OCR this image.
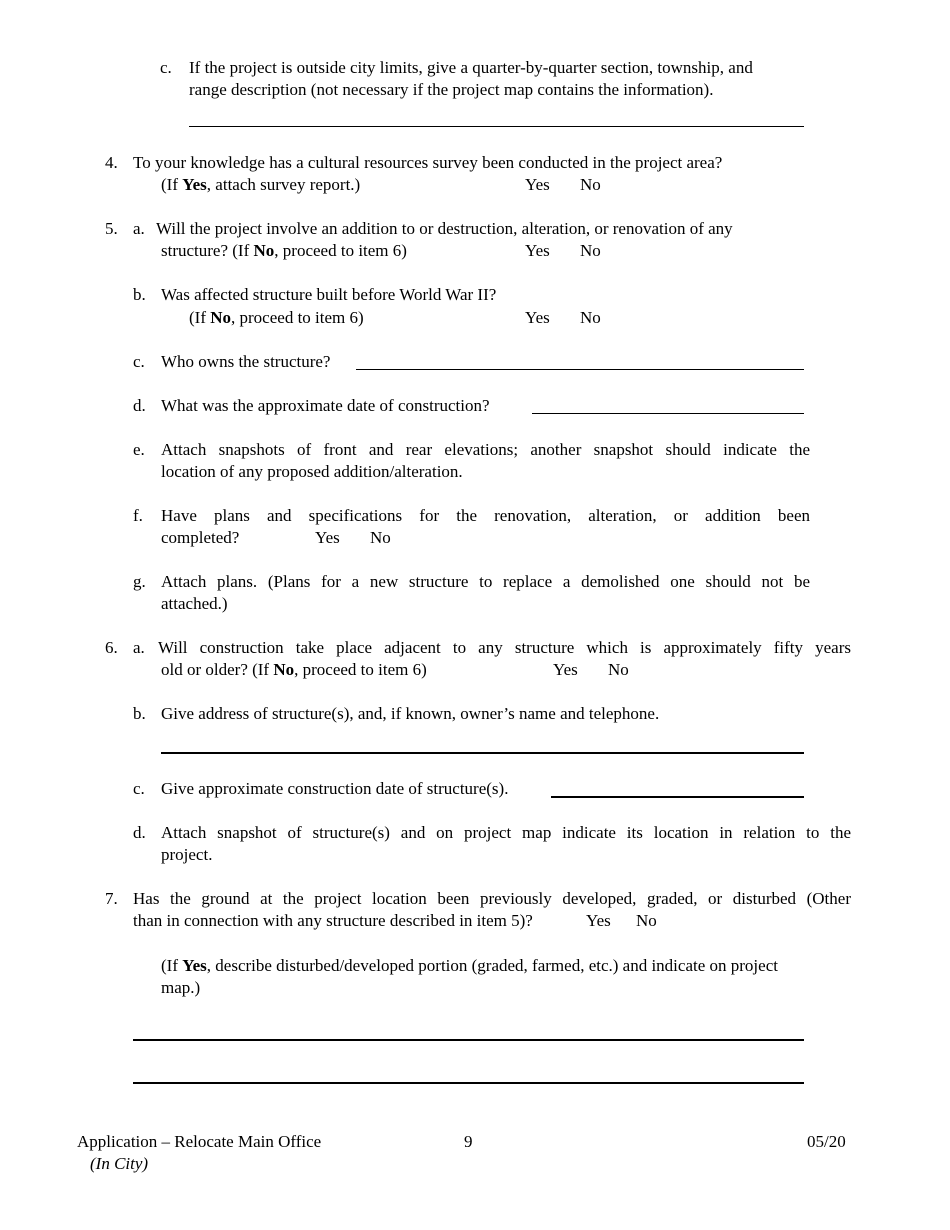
c. If the project is outside city limits, give a quarter-by-quarter section, township, and
range description (not necessary if the project map contains the information).
4. To your knowledge has a cultural resources survey been conducted in the project area?
(If Yes, attach survey report.)	Yes No
5. a. Will the project involve an addition to or destruction, alteration, or renovation of any
structure? (If No, proceed to item 6)	Yes No
b. Was affected structure built before World War II?
(If No, proceed to item 6)	Yes No
c. Who owns the structure?
d. What was the approximate date of construction?
e. Attach snapshots of front and rear elevations; another snapshot should indicate the
location of any proposed addition/alteration.
f. Have plans and specifications for the renovation, alteration, or addition been
completed?	Yes No
g. Attach plans. (Plans for a new structure to replace a demolished one should not be
attached.)
6. a. Will construction take place adjacent to any structure which is approximately fifty years
old or older? (If No, proceed to item 6)	Yes No
b. Give address of structure(s), and, if known, owner’s name and telephone.
c. Give approximate construction date of structure(s).
d. Attach snapshot of structure(s) and on project map indicate its location in relation to the
project.
7. Has the ground at the project location been previously developed, graded, or disturbed (Other
than in connection with any structure described in item 5)?	Yes No
(If Yes, describe disturbed/developed portion (graded, farmed, etc.) and indicate on project
map.)
Application – Relocate Main Office
(In City)
9	05/20
